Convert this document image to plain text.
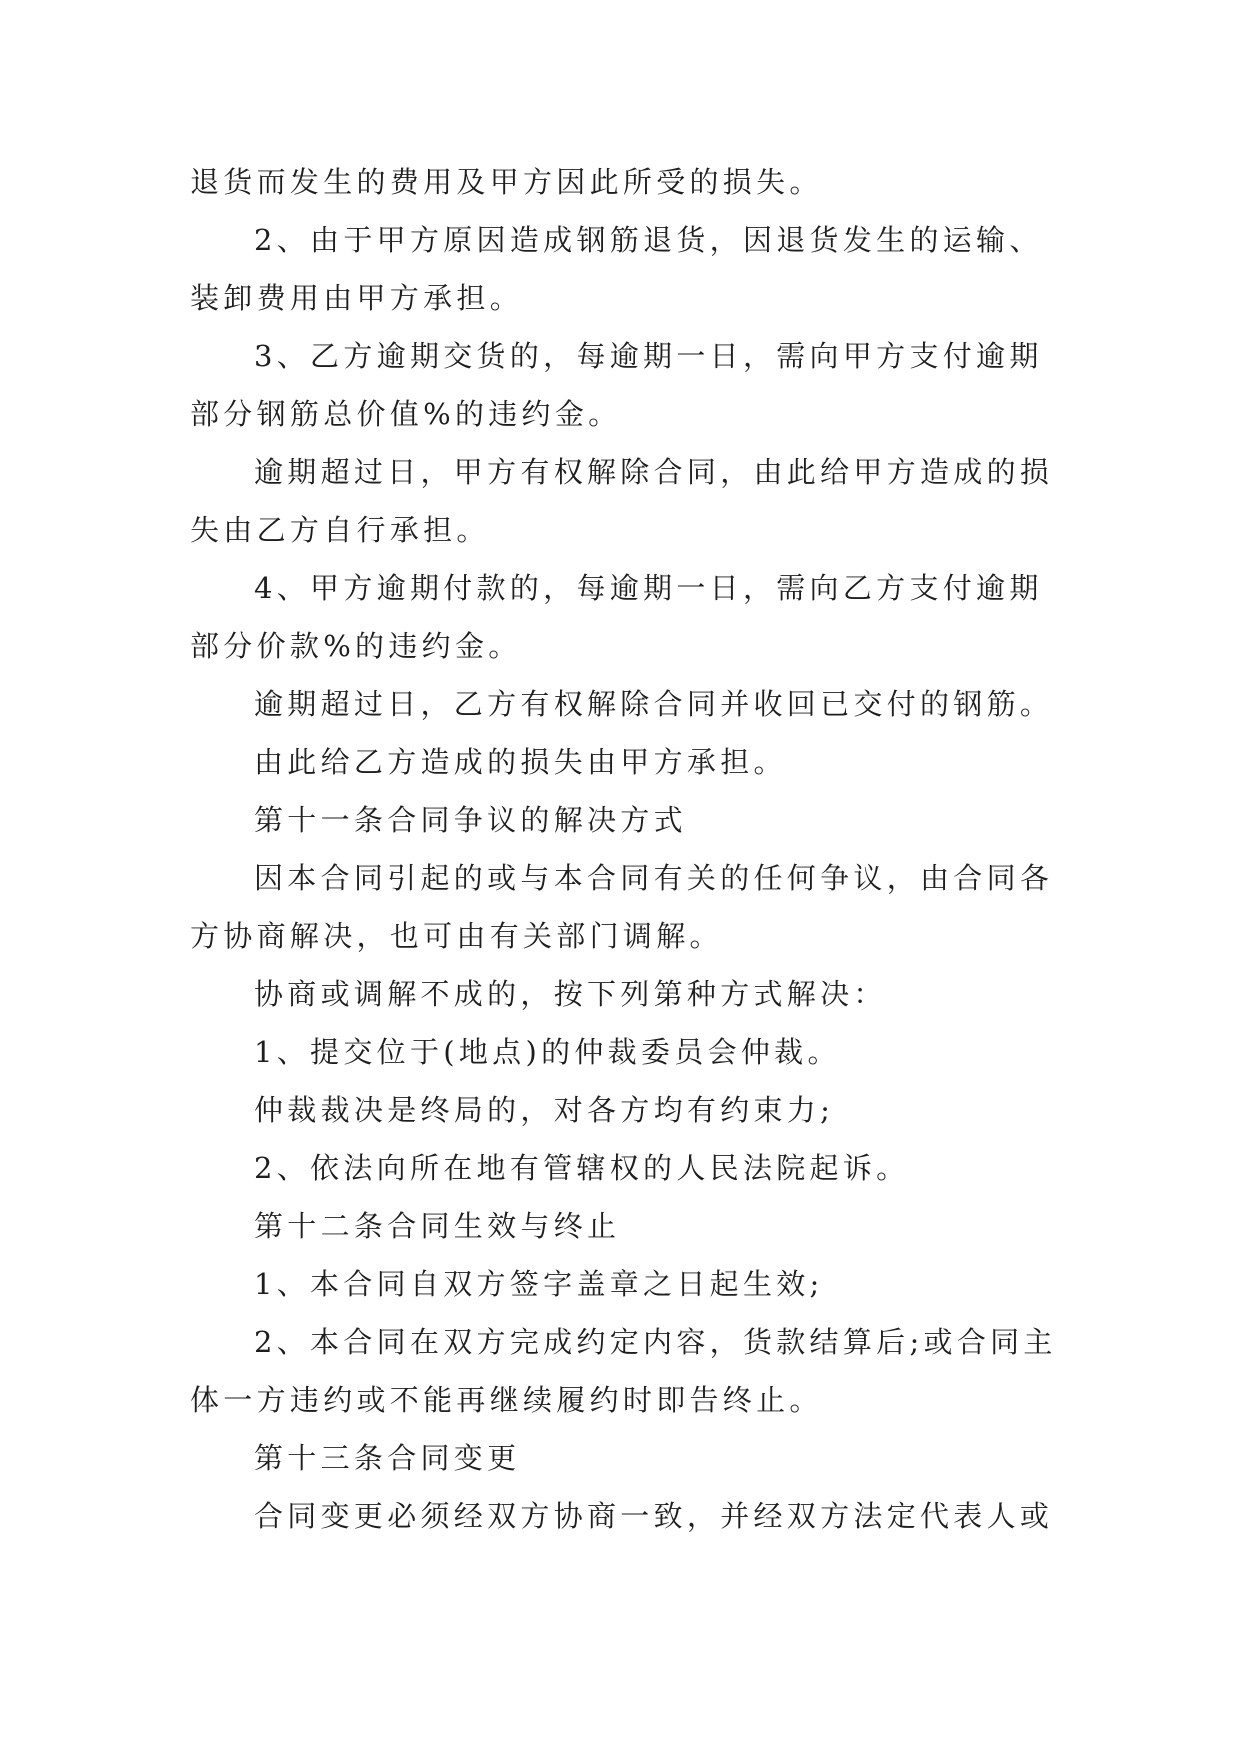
退货而发生的费用及甲方因此所受的损失。
2、由于甲方原因造成钢筋退货，因退货发生的运输、
装卸费用由甲方承担。
3、乙方逾期交货的，每逾期一日，需向甲方支付逾期
部分钢筋总价值%的违约金。
逾期超过日，甲方有权解除合同，由此给甲方造成的损
失由乙方自行承担。
4、甲方逾期付款的，每逾期一日，需向乙方支付逾期
部分价款%的违约金。
逾期超过日，乙方有权解除合同并收回已交付的钢筋。
由此给乙方造成的损失由甲方承担。
第十一条合同争议的解决方式
因本合同引起的或与本合同有关的任何争议，由合同各
方协商解决，也可由有关部门调解。
协商或调解不成的，按下列第种方式解决：
1、提交位于(地点)的仲裁委员会仲裁。
仲裁裁决是终局的，对各方均有约束力;
2、依法向所在地有管辖权的人民法院起诉。
第十二条合同生效与终止
1、本合同自双方签字盖章之日起生效;
2、本合同在双方完成约定内容，货款结算后;或合同主
体一方违约或不能再继续履约时即告终止。
第十三条合同变更
合同变更必须经双方协商一致，并经双方法定代表人或
